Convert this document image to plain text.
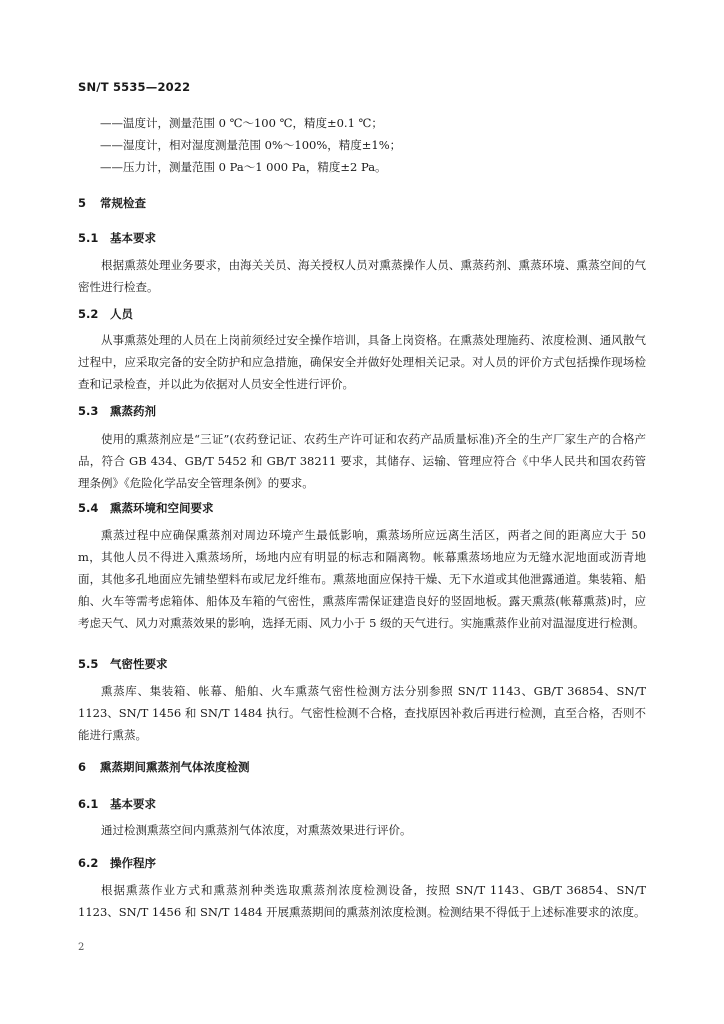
SN/T 5535—2022
——温度计，测量范围 0 ℃～100 ℃，精度±0.1 ℃；
——湿度计，相对湿度测量范围 0%～100%，精度±1%；
——压力计，测量范围 0 Pa～1 000 Pa，精度±2 Pa。
5 常规检查
5.1 基本要求
根据熏蒸处理业务要求，由海关关员、海关授权人员对熏蒸操作人员、熏蒸药剂、熏蒸环境、熏蒸空间的气密性进行检查。
5.2 人员
从事熏蒸处理的人员在上岗前须经过安全操作培训，具备上岗资格。在熏蒸处理施药、浓度检测、通风散气过程中，应采取完备的安全防护和应急措施，确保安全并做好处理相关记录。对人员的评价方式包括操作现场检查和记录检查，并以此为依据对人员安全性进行评价。
5.3 熏蒸药剂
使用的熏蒸剂应是“三证”(农药登记证、农药生产许可证和农药产品质量标准)齐全的生产厂家生产的合格产品，符合 GB 434、GB/T 5452 和 GB/T 38211 要求，其储存、运输、管理应符合《中华人民共和国农药管理条例》《危险化学品安全管理条例》的要求。
5.4 熏蒸环境和空间要求
熏蒸过程中应确保熏蒸剂对周边环境产生最低影响，熏蒸场所应远离生活区，两者之间的距离应大于 50 m，其他人员不得进入熏蒸场所，场地内应有明显的标志和隔离物。帐幕熏蒸场地应为无缝水泥地面或沥青地面，其他多孔地面应先铺垫塑料布或尼龙纤维布。熏蒸地面应保持干燥、无下水道或其他泄露通道。集装箱、船舶、火车等需考虑箱体、船体及车箱的气密性，熏蒸库需保证建造良好的竖固地板。露天熏蒸(帐幕熏蒸)时，应考虑天气、风力对熏蒸效果的影响，选择无雨、风力小于 5 级的天气进行。实施熏蒸作业前对温湿度进行检测。
5.5 气密性要求
熏蒸库、集装箱、帐幕、船舶、火车熏蒸气密性检测方法分别参照 SN/T 1143、GB/T 36854、SN/T 1123、SN/T 1456 和 SN/T 1484 执行。气密性检测不合格，查找原因补救后再进行检测，直至合格，否则不能进行熏蒸。
6 熏蒸期间熏蒸剂气体浓度检测
6.1 基本要求
通过检测熏蒸空间内熏蒸剂气体浓度，对熏蒸效果进行评价。
6.2 操作程序
根据熏蒸作业方式和熏蒸剂种类选取熏蒸剂浓度检测设备，按照 SN/T 1143、GB/T 36854、SN/T 1123、SN/T 1456 和 SN/T 1484 开展熏蒸期间的熏蒸剂浓度检测。检测结果不得低于上述标准要求的浓度。
2
